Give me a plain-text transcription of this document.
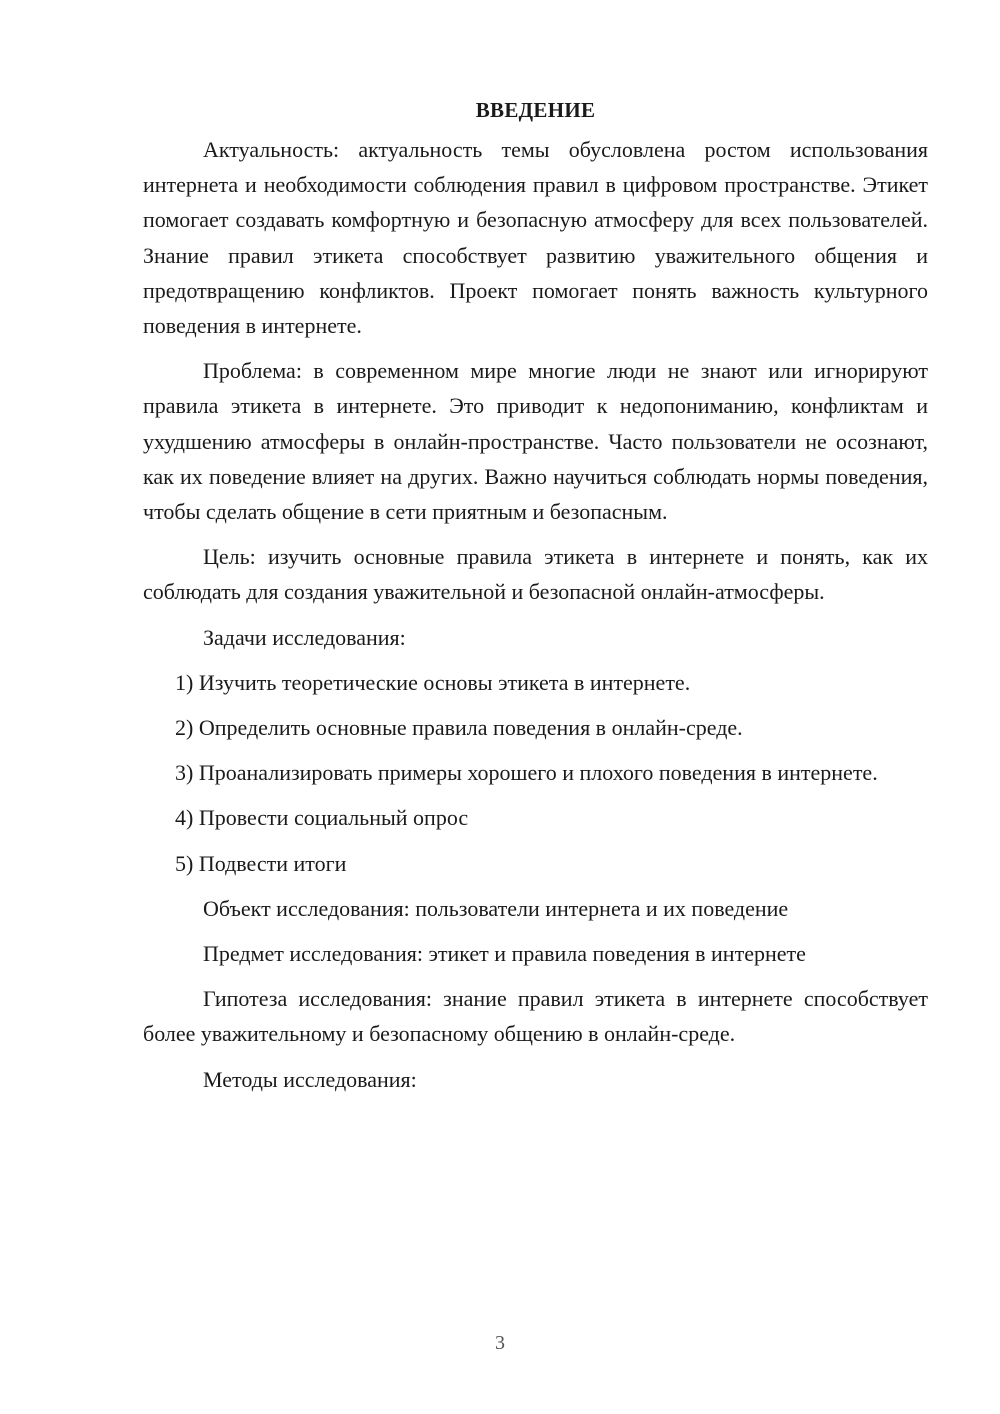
ВВЕДЕНИЕ

Актуальность: актуальность темы обусловлена ростом использования интернета и необходимости соблюдения правил в цифровом пространстве. Этикет помогает создавать комфортную и безопасную атмосферу для всех пользователей. Знание правил этикета способствует развитию уважительного общения и предотвращению конфликтов. Проект помогает понять важность культурного поведения в интернете.

Проблема: в современном мире многие люди не знают или игнорируют правила этикета в интернете. Это приводит к недопониманию, конфликтам и ухудшению атмосферы в онлайн-пространстве. Часто пользователи не осознают, как их поведение влияет на других. Важно научиться соблюдать нормы поведения, чтобы сделать общение в сети приятным и безопасным.

Цель: изучить основные правила этикета в интернете и понять, как их соблюдать для создания уважительной и безопасной онлайн-атмосферы.

Задачи исследования:

1) Изучить теоретические основы этикета в интернете.

2) Определить основные правила поведения в онлайн-среде.

3) Проанализировать примеры хорошего и плохого поведения в интернете.

4) Провести социальный опрос

5) Подвести итоги

Объект исследования: пользователи интернета и их поведение

Предмет исследования: этикет и правила поведения в интернете

Гипотеза исследования: знание правил этикета в интернете способствует более уважительному и безопасному общению в онлайн-среде.

Методы исследования:

3
